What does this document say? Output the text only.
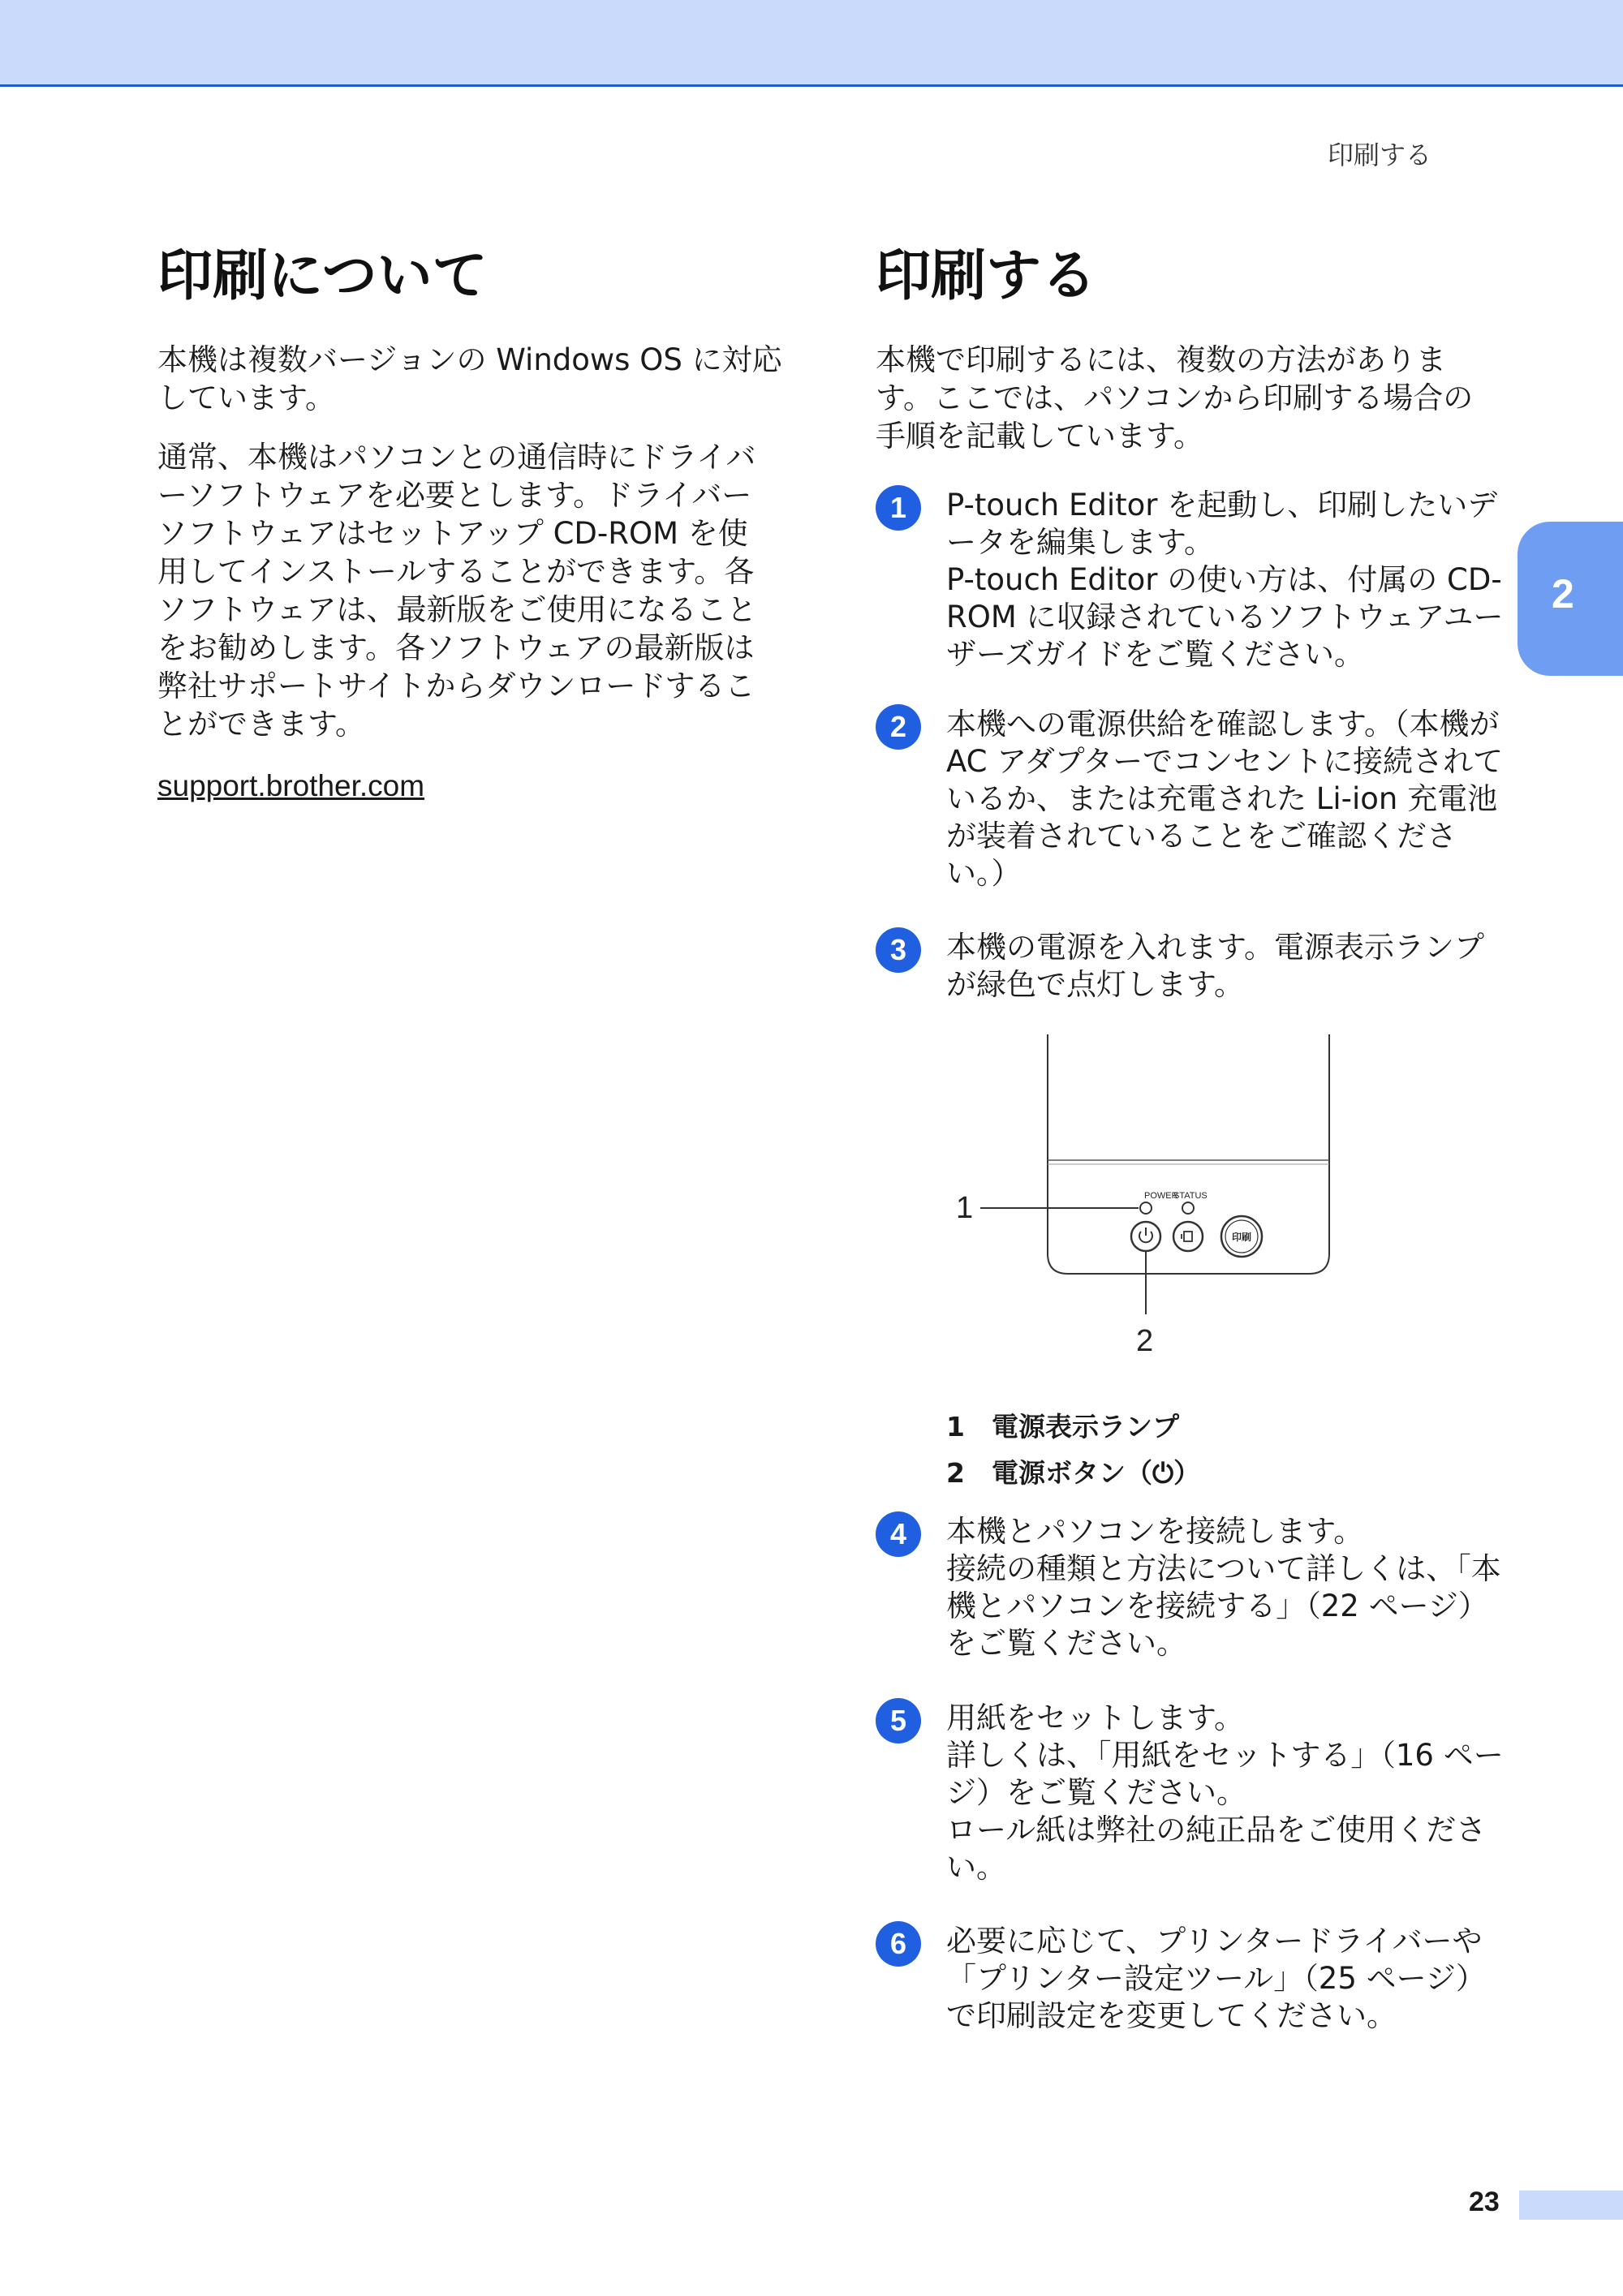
印刷する
2
印刷について

本機は複数バージョンの Windows OS に対応しています。

通常、本機はパソコンとの通信時にドライバーソフトウェアを必要とします。ドライバーソフトウェアはセットアップ CD-ROM を使用してインストールすることができます。各ソフトウェアは、最新版をご使用になることをお勧めします。各ソフトウェアの最新版は弊社サポートサイトからダウンロードすることができます。

support.brother.com
印刷する

本機で印刷するには、複数の方法があります。ここでは、パソコンから印刷する場合の手順を記載しています。

1	P-touch Editor を起動し、印刷したいデータを編集します。
P-touch Editor の使い方は、付属の CD-ROM に収録されているソフトウェアユーザーズガイドをご覧ください。
2	本機への電源供給を確認します。（本機が AC アダプターでコンセントに接続されているか、または充電された Li-ion 充電池が装着されていることをご確認ください。）
3	本機の電源を入れます。電源表示ランプが緑色で点灯します。
POWER
STATUS
印刷
1
2
1 電源表示ランプ
2 電源ボタン（⏻）
4	本機とパソコンを接続します。
接続の種類と方法について詳しくは、「本機とパソコンを接続する」（22 ページ）をご覧ください。
5	用紙をセットします。
詳しくは、「用紙をセットする」（16 ページ）をご覧ください。
ロール紙は弊社の純正品をご使用ください。
6	必要に応じて、プリンタードライバーや「プリンター設定ツール」（25 ページ）で印刷設定を変更してください。
23
